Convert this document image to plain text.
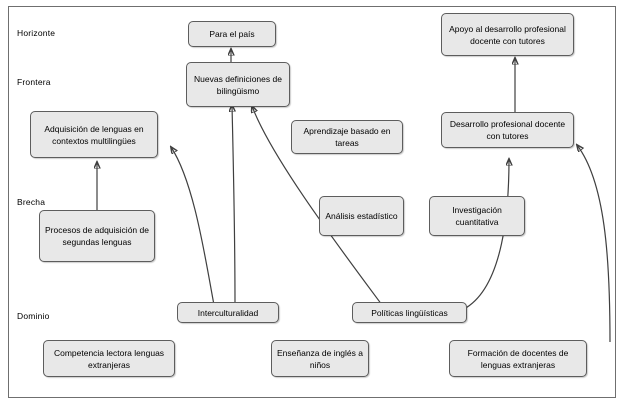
Horizonte
Frontera
Brecha
Dominio
Para el país
Apoyo al desarrollo profesional docente con tutores
Nuevas definiciones de bilingüismo
Adquisición de lenguas en contextos multilingües
Aprendizaje basado en tareas
Desarrollo profesional docente con tutores
Procesos de adquisición de segundas lenguas
Análisis estadístico
Investigación cuantitativa
Interculturalidad	Políticas lingüísticas
Competencia lectora lenguas extranjeras
Enseñanza de inglés a niños
Formación de docentes de lenguas extranjeras
